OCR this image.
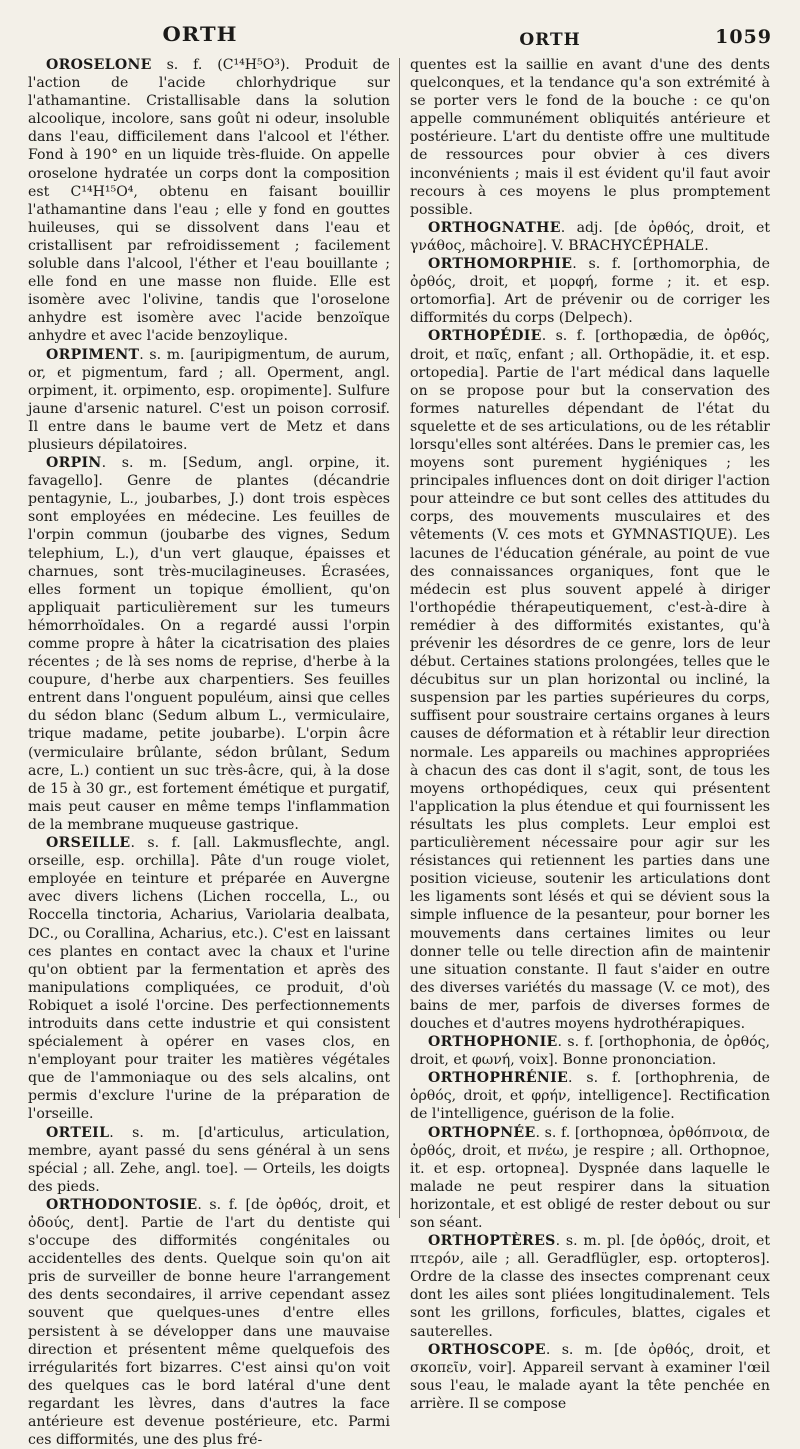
ORTH	ORTH	1059

OROSELONE s. f. (C¹⁴H⁵O³). Produit de l'action de l'acide chlorhydrique sur l'athamantine. Cristallisable dans la solution alcoolique, incolore, sans goût ni odeur, insoluble dans l'eau, difficilement dans l'alcool et l'éther. Fond à 190° en un liquide très-fluide. On appelle oroselone hydratée un corps dont la composition est C¹⁴H¹⁵O⁴, obtenu en faisant bouillir l'athamantine dans l'eau ; elle y fond en gouttes huileuses, qui se dissolvent dans l'eau et cristallisent par refroidissement ; facilement soluble dans l'alcool, l'éther et l'eau bouillante ; elle fond en une masse non fluide. Elle est isomère avec l'olivine, tandis que l'oroselone anhydre est isomère avec l'acide benzoïque anhydre et avec l'acide benzoylique.

ORPIMENT. s. m. [auripigmentum, de aurum, or, et pigmentum, fard ; all. Operment, angl. orpiment, it. orpimento, esp. oropimente]. Sulfure jaune d'arsenic naturel. C'est un poison corrosif. Il entre dans le baume vert de Metz et dans plusieurs dépilatoires.

ORPIN. s. m. [Sedum, angl. orpine, it. favagello]. Genre de plantes (décandrie pentagynie, L., joubarbes, J.) dont trois espèces sont employées en médecine. Les feuilles de l'orpin commun (joubarbe des vignes, Sedum telephium, L.), d'un vert glauque, épaisses et charnues, sont très-mucilagineuses. Écrasées, elles forment un topique émollient, qu'on appliquait particulièrement sur les tumeurs hémorrhoïdales. On a regardé aussi l'orpin comme propre à hâter la cicatrisation des plaies récentes ; de là ses noms de reprise, d'herbe à la coupure, d'herbe aux charpentiers. Ses feuilles entrent dans l'onguent populéum, ainsi que celles du sédon blanc (Sedum album L., vermiculaire, trique madame, petite joubarbe). L'orpin âcre (vermiculaire brûlante, sédon brûlant, Sedum acre, L.) contient un suc très-âcre, qui, à la dose de 15 à 30 gr., est fortement émétique et purgatif, mais peut causer en même temps l'inflammation de la membrane muqueuse gastrique.

ORSEILLE. s. f. [all. Lakmusflechte, angl. orseille, esp. orchilla]. Pâte d'un rouge violet, employée en teinture et préparée en Auvergne avec divers lichens (Lichen roccella, L., ou Roccella tinctoria, Acharius, Variolaria dealbata, DC., ou Corallina, Acharius, etc.). C'est en laissant ces plantes en contact avec la chaux et l'urine qu'on obtient par la fermentation et après des manipulations compliquées, ce produit, d'où Robiquet a isolé l'orcine. Des perfectionnements introduits dans cette industrie et qui consistent spécialement à opérer en vases clos, en n'employant pour traiter les matières végétales que de l'ammoniaque ou des sels alcalins, ont permis d'exclure l'urine de la préparation de l'orseille.

ORTEIL. s. m. [d'articulus, articulation, membre, ayant passé du sens général à un sens spécial ; all. Zehe, angl. toe]. — Orteils, les doigts des pieds.

ORTHODONTOSIE. s. f. [de ὀρθός, droit, et ὀδούς, dent]. Partie de l'art du dentiste qui s'occupe des difformités congénitales ou accidentelles des dents. Quelque soin qu'on ait pris de surveiller de bonne heure l'arrangement des dents secondaires, il arrive cependant assez souvent que quelques-unes d'entre elles persistent à se développer dans une mauvaise direction et présentent même quelquefois des irrégularités fort bizarres. C'est ainsi qu'on voit des quelques cas le bord latéral d'une dent regardant les lèvres, dans d'autres la face antérieure est devenue postérieure, etc. Parmi ces difformités, une des plus fré-

quentes est la saillie en avant d'une des dents quelconques, et la tendance qu'a son extrémité à se porter vers le fond de la bouche : ce qu'on appelle communément obliquités antérieure et postérieure. L'art du dentiste offre une multitude de ressources pour obvier à ces divers inconvénients ; mais il est évident qu'il faut avoir recours à ces moyens le plus promptement possible.

ORTHOGNATHE. adj. [de ὀρθός, droit, et γνάθος, mâchoire]. V. BRACHYCÉPHALE.

ORTHOMORPHIE. s. f. [orthomorphia, de ὀρθός, droit, et μορφή, forme ; it. et esp. ortomorfia]. Art de prévenir ou de corriger les difformités du corps (Delpech).

ORTHOPÉDIE. s. f. [orthopædia, de ὀρθός, droit, et παῖς, enfant ; all. Orthopädie, it. et esp. ortopedia]. Partie de l'art médical dans laquelle on se propose pour but la conservation des formes naturelles dépendant de l'état du squelette et de ses articulations, ou de les rétablir lorsqu'elles sont altérées. Dans le premier cas, les moyens sont purement hygiéniques ; les principales influences dont on doit diriger l'action pour atteindre ce but sont celles des attitudes du corps, des mouvements musculaires et des vêtements (V. ces mots et GYMNASTIQUE). Les lacunes de l'éducation générale, au point de vue des connaissances organiques, font que le médecin est plus souvent appelé à diriger l'orthopédie thérapeutiquement, c'est-à-dire à remédier à des difformités existantes, qu'à prévenir les désordres de ce genre, lors de leur début. Certaines stations prolongées, telles que le décubitus sur un plan horizontal ou incliné, la suspension par les parties supérieures du corps, suffisent pour soustraire certains organes à leurs causes de déformation et à rétablir leur direction normale. Les appareils ou machines appropriées à chacun des cas dont il s'agit, sont, de tous les moyens orthopédiques, ceux qui présentent l'application la plus étendue et qui fournissent les résultats les plus complets. Leur emploi est particulièrement nécessaire pour agir sur les résistances qui retiennent les parties dans une position vicieuse, soutenir les articulations dont les ligaments sont lésés et qui se dévient sous la simple influence de la pesanteur, pour borner les mouvements dans certaines limites ou leur donner telle ou telle direction afin de maintenir une situation constante. Il faut s'aider en outre des diverses variétés du massage (V. ce mot), des bains de mer, parfois de diverses formes de douches et d'autres moyens hydrothérapiques.

ORTHOPHONIE. s. f. [orthophonia, de ὀρθός, droit, et φωνή, voix]. Bonne prononciation.

ORTHOPHRÉNIE. s. f. [orthophrenia, de ὀρθός, droit, et φρήν, intelligence]. Rectification de l'intelligence, guérison de la folie.

ORTHOPNÉE. s. f. [orthopnœa, ὀρθόπνοια, de ὀρθός, droit, et πνέω, je respire ; all. Orthopnoe, it. et esp. ortopnea]. Dyspnée dans laquelle le malade ne peut respirer dans la situation horizontale, et est obligé de rester debout ou sur son séant.

ORTHOPTÈRES. s. m. pl. [de ὀρθός, droit, et πτερόν, aile ; all. Geradflügler, esp. ortopteros]. Ordre de la classe des insectes comprenant ceux dont les ailes sont pliées longitudinalement. Tels sont les grillons, forficules, blattes, cigales et sauterelles.

ORTHOSCOPE. s. m. [de ὀρθός, droit, et σκοπεῖν, voir]. Appareil servant à examiner l'œil sous l'eau, le malade ayant la tête penchée en arrière. Il se compose
